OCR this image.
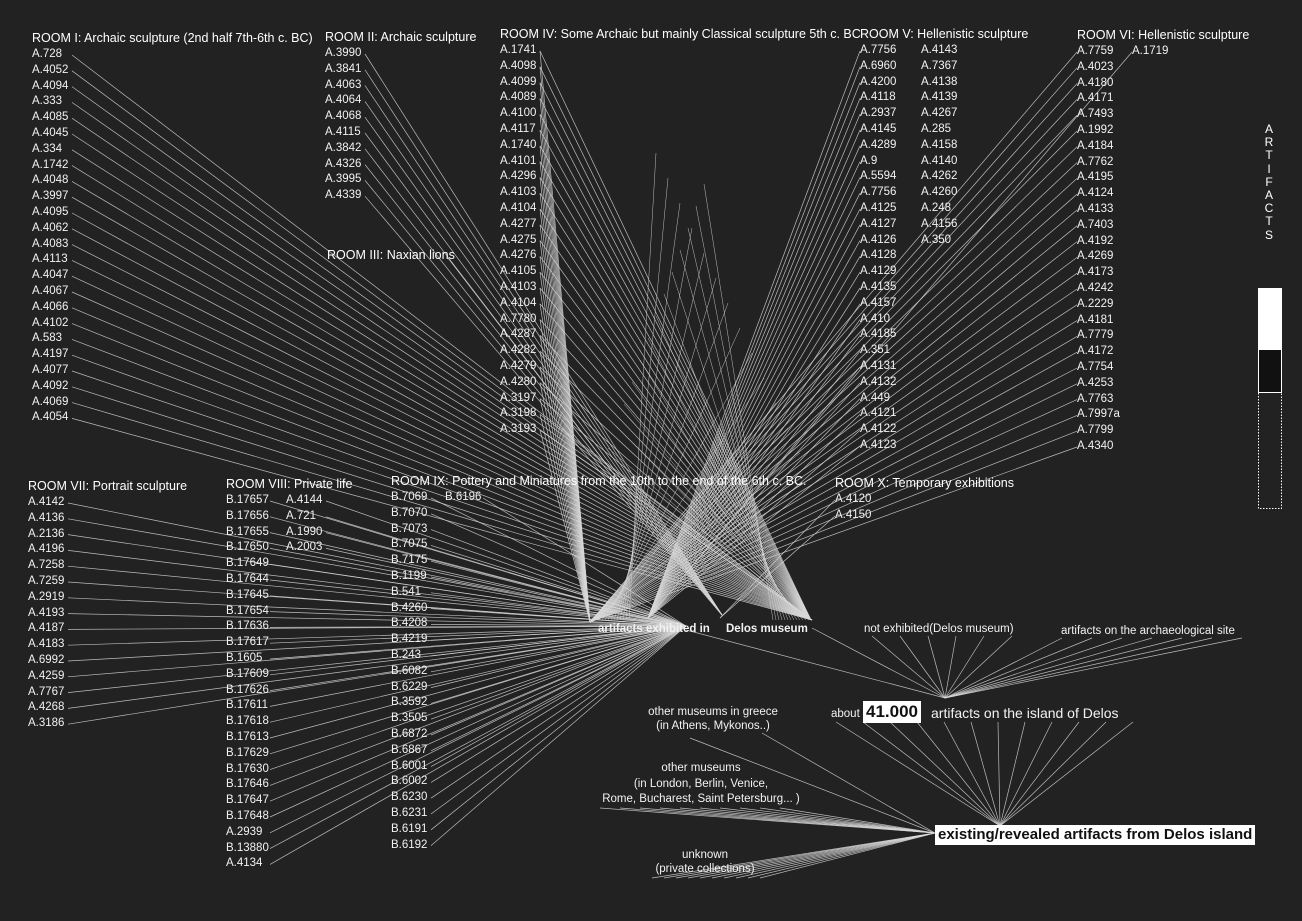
ROOM I: Archaic sculpture (2nd half 7th-6th c. BC)
A.728
A.4052
A.4094
A.333
A.4085
A.4045
A.334
A.1742
A.4048
A.3997
A.4095
A.4062
A.4083
A.4113
A.4047
A.4067
A.4066
A.4102
A.583
A.4197
A.4077
A.4092
A.4069
A.4054
ROOM II: Archaic sculpture
A.3990
A.3841
A.4063
A.4064
A.4068
A.4115
A.3842
A.4326
A.3995
A.4339
ROOM III: Naxian lions
ROOM IV: Some Archaic but mainly Classical sculpture 5th c. BC
A.1741
A.4098
A.4099
A.4089
A.4100
A.4117
A.1740
A.4101
A.4296
A.4103
A.4104
A.4277
A.4275
A.4276
A.4105
A.4103
A.4104
A.7780
A.4287
A.4282
A.4279
A.4280
A.3197
A.3198
A.3193
ROOM V: Hellenistic sculpture
A.7756
A.6960
A.4200
A.4118
A.2937
A.4145
A.4289
A.9
A.5594
A.7756
A.4125
A.4127
A.4126
A.4128
A.4129
A.4135
A.4157
A.410
A.4185
A.351
A.4131
A.4132
A.449
A.4121
A.4122
A.4123
A.4143
A.7367
A.4138
A.4139
A.4267
A.285
A.4158
A.4140
A.4262
A.4260
A.248
A.4156
A.350
ROOM VI: Hellenistic sculpture
A.7759
A.4023
A.4180
A.4171
A.7493
A.1992
A.4184
A.7762
A.4195
A.4124
A.4133
A.7403
A.4192
A.4269
A.4173
A.4242
A.2229
A.4181
A.7779
A.4172
A.7754
A.4253
A.7763
A.7997a
A.7799
A.4340
A.1719
ROOM VII: Portrait sculpture
A.4142
A.4136
A.2136
A.4196
A.7258
A.7259
A.2919
A.4193
A.4187
A.4183
A.6992
A.4259
A.7767
A.4268
A.3186
ROOM VIII: Private life
B.17657
B.17656
B.17655
B.17650
B.17649
B.17644
B.17645
B.17654
B.17636
B.17617
B.1605
B.17609
B.17626
B.17611
B.17618
B.17613
B.17629
B.17630
B.17646
B.17647
B.17648
A.2939
B.13880
A.4134
A.4144
A.721
A.1990
A.2003
ROOM IX: Pottery and Miniatures from the 10th to the end of the 6th c. BC.
B.7069
B.7070
B.7073
B.7075
B.7175
B.1199
B.541
B.4260
B.4208
B.4219
B.243
B.6082
B.6229
B.3592
B.3505
B.6872
B.6867
B.6001
B.6002
B.6230
B.6231
B.6191
B.6192
B.6196
ROOM X: Temporary exhibitions
A.4120
A.4150
artifacts exhibited in Delos museum	not exhibited(Delos museum)	artifacts on the archaeological site
about 41.000 artifacts on the island of Delos
other museums in greece
(in Athens, Mykonos..)
other museums
(in London, Berlin, Venice,
Rome, Bucharest, Saint Petersburg... )
unknown
(private collections)
existing/revealed artifacts from Delos island
A
R
T
I
F
A
C
T
S
